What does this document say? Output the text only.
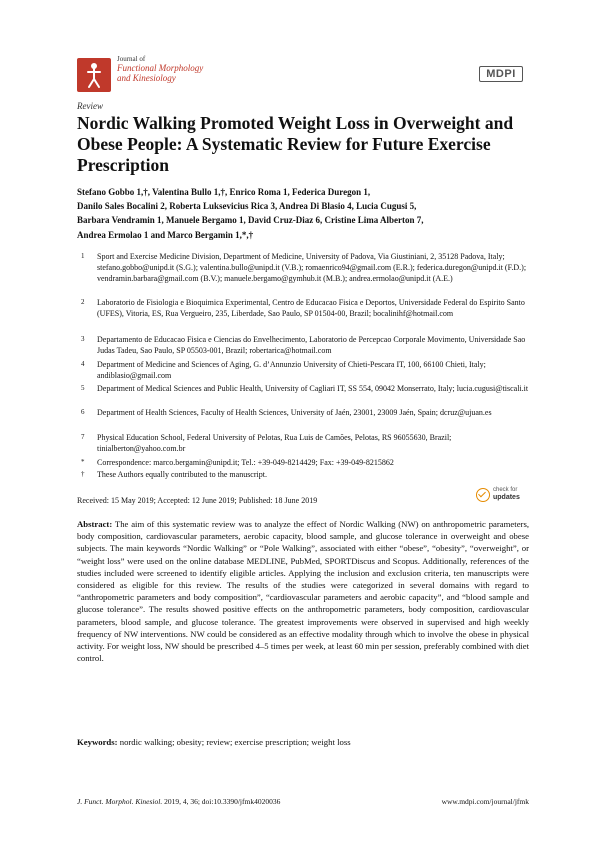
Journal of
Functional Morphology
and Kinesiology	MDPI
Review
Nordic Walking Promoted Weight Loss in Overweight and Obese People: A Systematic Review for Future Exercise Prescription
Stefano Gobbo 1,†, Valentina Bullo 1,†, Enrico Roma 1, Federica Duregon 1,
Danilo Sales Bocalini 2, Roberta Luksevicius Rica 3, Andrea Di Blasio 4, Lucia Cugusi 5,
Barbara Vendramin 1, Manuele Bergamo 1, David Cruz-Diaz 6, Cristine Lima Alberton 7,
Andrea Ermolao 1 and Marco Bergamin 1,*,†
1 Sport and Exercise Medicine Division, Department of Medicine, University of Padova, Via Giustiniani, 2, 35128 Padova, Italy; stefano.gobbo@unipd.it (S.G.); valentina.bullo@unipd.it (V.B.); romaenrico94@gmail.com (E.R.); federica.duregon@unipd.it (F.D.); vendramin.barbara@gmail.com (B.V.); manuele.bergamo@gymhub.it (M.B.); andrea.ermolao@unipd.it (A.E.)
2 Laboratorio de Fisiologia e Bioquimica Experimental, Centro de Educacao Fisica e Deportos, Universidade Federal do Espirito Santo (UFES), Vitoria, ES, Rua Vergueiro, 235, Liberdade, Sao Paulo, SP 01504-00, Brazil; bocalinihf@hotmail.com
3 Departamento de Educacao Fisica e Ciencias do Envelhecimento, Laboratorio de Percepcao Corporale Movimento, Universidade Sao Judas Tadeu, Sao Paulo, SP 05503-001, Brazil; robertarica@hotmail.com
4 Department of Medicine and Sciences of Aging, G. d’Annunzio University of Chieti-Pescara IT, 100, 66100 Chieti, Italy; andiblasio@gmail.com
5 Department of Medical Sciences and Public Health, University of Cagliari IT, SS 554, 09042 Monserrato, Italy; lucia.cugusi@tiscali.it
6 Department of Health Sciences, Faculty of Health Sciences, University of Jaén, 23001, 23009 Jaén, Spain; dcruz@ujuan.es
7 Physical Education School, Federal University of Pelotas, Rua Luis de Camões, Pelotas, RS 96055630, Brazil; tinialberton@yahoo.com.br
* Correspondence: marco.bergamin@unipd.it; Tel.: +39-049-8214429; Fax: +39-049-8215862
† These Authors equally contributed to the manuscript.
Received: 15 May 2019; Accepted: 12 June 2019; Published: 18 June 2019
check for
updates
Abstract: The aim of this systematic review was to analyze the effect of Nordic Walking (NW) on anthropometric parameters, body composition, cardiovascular parameters, aerobic capacity, blood sample, and glucose tolerance in overweight and obese subjects. The main keywords “Nordic Walking” or “Pole Walking”, associated with either “obese”, “obesity”, “overweight”, or “weight loss” were used on the online database MEDLINE, PubMed, SPORTDiscus and Scopus. Additionally, references of the studies included were screened to identify eligible articles. Applying the inclusion and exclusion criteria, ten manuscripts were considered as eligible for this review. The results of the studies were categorized in several domains with regard to “anthropometric parameters and body composition”, “cardiovascular parameters and aerobic capacity”, and “blood sample and glucose tolerance”. The results showed positive effects on the anthropometric parameters, body composition, cardiovascular parameters, blood sample, and glucose tolerance. The greatest improvements were observed in supervised and high weekly frequency of NW interventions. NW could be considered as an effective modality through which to involve the obese in physical activity. For weight loss, NW should be prescribed 4–5 times per week, at least 60 min per session, preferably combined with diet control.
Keywords: nordic walking; obesity; review; exercise prescription; weight loss
J. Funct. Morphol. Kinesiol. 2019, 4, 36; doi:10.3390/jfmk4020036	www.mdpi.com/journal/jfmk
